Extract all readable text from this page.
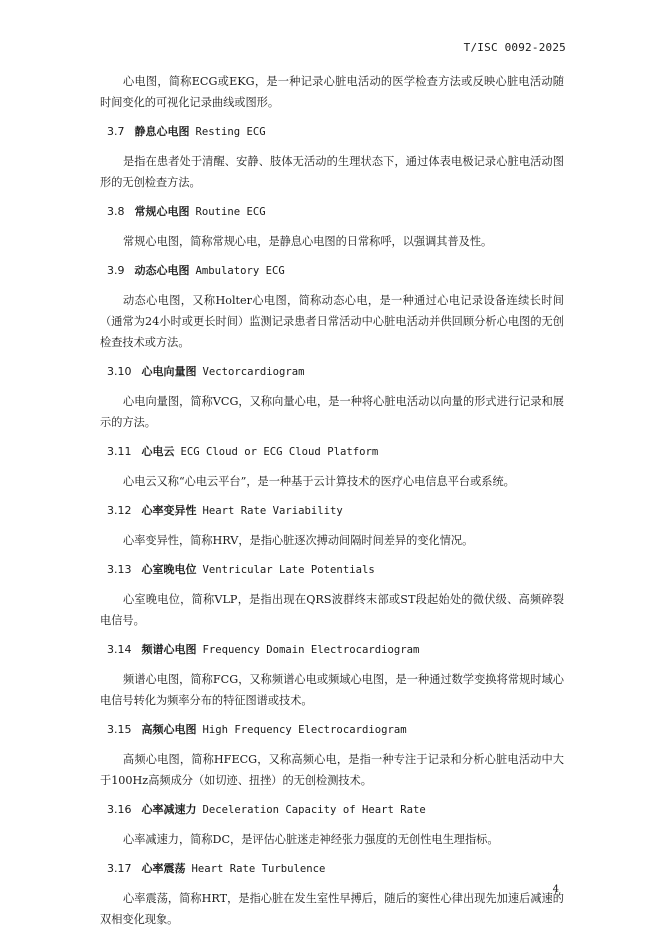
T/ISC 0092-2025

心电图，简称ECG或EKG，是一种记录心脏电活动的医学检查方法或反映心脏电活动随时间变化的可视化记录曲线或图形。

3.7 静息心电图 Resting ECG

是指在患者处于清醒、安静、肢体无活动的生理状态下，通过体表电极记录心脏电活动图形的无创检查方法。

3.8 常规心电图 Routine ECG

常规心电图，简称常规心电，是静息心电图的日常称呼，以强调其普及性。

3.9 动态心电图 Ambulatory ECG

动态心电图，又称Holter心电图，简称动态心电，是一种通过心电记录设备连续长时间（通常为24小时或更长时间）监测记录患者日常活动中心脏电活动并供回顾分析心电图的无创检查技术或方法。

3.10 心电向量图 Vectorcardiogram

心电向量图，简称VCG，又称向量心电，是一种将心脏电活动以向量的形式进行记录和展示的方法。

3.11 心电云 ECG Cloud or ECG Cloud Platform

心电云又称“心电云平台”，是一种基于云计算技术的医疗心电信息平台或系统。

3.12 心率变异性 Heart Rate Variability

心率变异性，简称HRV，是指心脏逐次搏动间隔时间差异的变化情况。

3.13 心室晚电位 Ventricular Late Potentials

心室晚电位，简称VLP，是指出现在QRS波群终末部或ST段起始处的微伏级、高频碎裂电信号。

3.14 频谱心电图 Frequency Domain Electrocardiogram

频谱心电图，简称FCG，又称频谱心电或频域心电图，是一种通过数学变换将常规时域心电信号转化为频率分布的特征图谱或技术。

3.15 高频心电图 High Frequency Electrocardiogram

高频心电图，简称HFECG，又称高频心电，是指一种专注于记录和分析心脏电活动中大于100Hz高频成分（如切迹、扭挫）的无创检测技术。

3.16 心率减速力 Deceleration Capacity of Heart Rate

心率减速力，简称DC，是评估心脏迷走神经张力强度的无创性电生理指标。

3.17 心率震荡 Heart Rate Turbulence

心率震荡，简称HRT，是指心脏在发生室性早搏后，随后的窦性心律出现先加速后减速的双相变化现象。

4
